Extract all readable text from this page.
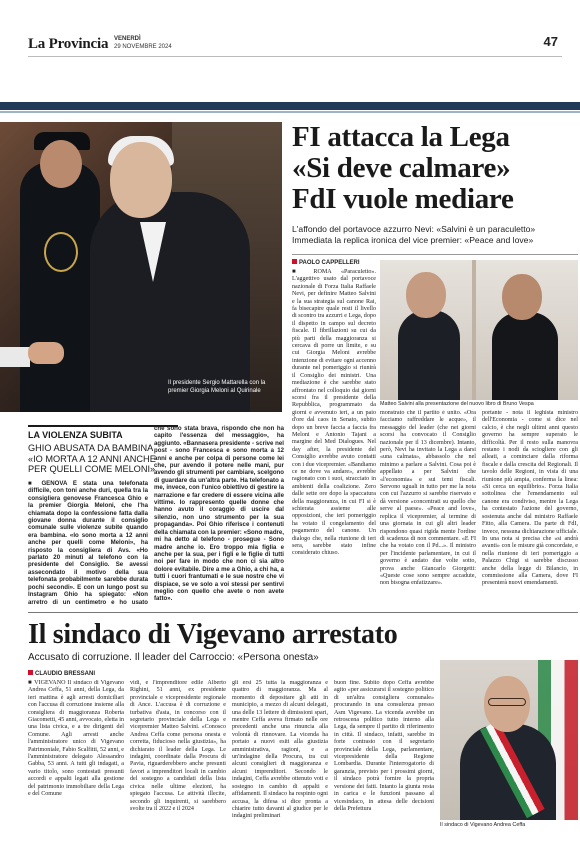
La Provincia VENERDÌ
29 NOVEMBRE 2024	47
Il presidente Sergio Mattarella con la premier Giorgia Meloni al Quirinale
FI attacca la Lega
«Si deve calmare»
FdI vuole mediare
L'affondo del portavoce azzurro Nevi: «Salvini è un paraculetto»
Immediata la replica ironica del vice premier: «Peace and love»
PAOLO CAPPELLERI
■ ROMA «Paraculetto». L'aggettivo usato dal portavoce nazionale di Forza Italia Raffaele Nevi, per definire Matteo Salvini e la sua strategia sul canone Rai, fa bisecapire quale resti il livello di scontro tra azzurri e Lega, dopo il dispetto in campo sul decreto fiscale. Il fibrillazioni su cui da più parti della maggioranza si cercava di porre un limite, e su cui Giorgia Meloni avrebbe intenzione di evitare ogni accenno durante nel pomeriggio si riunirà il Consiglio dei ministri. Una mediazione è che sarebbe stato affrontato nel colloquio dai giorni scorsi fra il presidente della Repubblica, programmato da giorni e avvenuto ieri, a un paio d'ore dal caos in Senato, subito dopo un breve faccia a faccia fra Meloni e Antonio Tajani a margine del Med Dialogues. Nel day after, la presidente del Consiglio avrebbe avuto contatti con i due vicepremier. «Bandiamo ce ne dove va andare», avrebbe ragionato con i suoi, stracciato in ambienti della coalizione. Zero dalle sette ore dopo la spaccatura della maggioranza, in cui FI si è schierata assieme alle opposizioni, che ieri pomeriggio ha votato il congelamento del pagamento del canone. Un dialogo che, nella riunione di ieri sera, sarebbe stato infine considerato chiuso.
Matteo Salvini alla presentazione del nuovo libro di Bruno Vespa
monstrato che il partito è unito. «Ora facciamo raffreddare le acque», il messaggio del leader (che nei giorni scorsi ha convocato il Consiglio nazionale per il 13 dicembre). Intanto, però, Nevi ha invitato la Lega a darsi «una calmata», abbassolo che nel minimo a parlare a Salvini. Cosa poi è appellato a per Salvini che «l'economia» e sui temi fiscali. Servono uguali in tutto per me la nota con cui l'azzurro si sarebbe riservato e dà versione «concentrati su quello che serve al paese». «Peace and love», replica il vicepremier, al termine di una giornata in cui gli altri leader rispondono quasi rigida mente l'ordine di scadenza di non commentare. «E FI che ha votato con il Pd...». Il ministro per l'incidente parlamentare, in cui il governo è andato due volte sotto, prova anche Giancarlo Giorgetti: «Queste cose sono sempre accadute, non bisogna enfatizzare».
portante - nota il leghista ministro dell'Economia - come si dice nel calcio, è che negli ultimi anni questo governo ha sempre superato le difficoltà. Per il resto sulla manovra restano i nodi da sciogliere con gli alleati, a cominciare dalla riforma fiscale e dalla crescita del Regionali. Il tavolo delle Regioni, in vista di una riunione più ampia, conferma la linea: «Si cerca un equilibrio». Forza Italia sottolinea che l'emendamento sul canone era condiviso, mentre la Lega ha contestato l'azione del governo, sostenuta anche dal ministro Raffaele Fitto, alla Camera. Da parte di FdI, invece, nessuna dichiarazione ufficiale. In una nota si precisa che «si andrà avanti» con le misure già concordate, e nella riunione di ieri pomeriggio a Palazzo Chigi si sarebbe discusso anche della legge di Bilancio, in commissione alla Camera, dove FI presenterà nuovi emendamenti.
LA VIOLENZA SUBITA
GHIO ABUSATA DA BAMBINA
«IO MORTA A 12 ANNI ANCHE
PER QUELLI COME MELONI»
■ GENOVA È stata una telefonata difficile, con toni anche duri, quella tra la consigliera genovese Francesca Ghio e la premier Giorgia Meloni, che l'ha chiamata dopo la confessione fatta dalla giovane donna durante il consiglio comunale sulle violenze subite quando era bambina. «Io sono morta a 12 anni anche per quelli come Meloni», ha risposto la consigliera di Avs. «Ho parlato 20 minuti al telefono con la presidente del Consiglio. Se avessi assecondato il motivo della sua telefonata probabilmente sarebbe durata pochi secondi». E con un lungo post su Instagram Ghio ha spiegato: «Non arretro di un centimetro e ho usato
che sono stata brava, rispondo che non ha capito l'essenza del messaggio», ha aggiunto. «Bannasera presidente - scrive nel post - sono Francesca e sono morta a 12 anni e anche per colpa di persone come lei che, pur avendo il potere nelle mani, pur avendo gli strumenti per cambiare, scelgono di guardare da un'altra parte. Ha telefonato a me, invece, con l'unico obiettivo di gestire la narrazione e far credere di essere vicina alle vittime. Io rappresento quelle donne che hanno avuto il coraggio di uscire dal silenzio, non uno strumento per la sua propaganda». Poi Ghio riferisce i contenuti della chiamata con la premier: «Sono madre, mi ha detto al telefono - prosegue - Sono madre anche io. Ero troppo mia figlia e anche per la sua, per i figli e le figlie di tutti noi per fare in modo che non ci sia altro dolore evitabile. Dire a me a Ghio, a chi ha, a tutti i cuori frantumati e le sue nostre che vi dispiace, se ve solo a voi stessi per sentirvi meglio con quello che avete o non avete fatto».
Il sindaco di Vigevano arrestato
Accusato di corruzione. Il leader del Carroccio: «Persona onesta»
CLAUDIO BRESSANI
■ VIGEVANO Il sindaco di Vigevano Andrea Ceffa, 51 anni, della Lega, da ieri mattina è agli arresti domiciliari con l'accusa di corruzione insieme alla consigliera di maggioranza Roberta Giacometti, 45 anni, avvocato, eletta in una lista civica, e a tre dirigenti del Comune. Agli arresti anche l'amministratore unico di Vigevano Patrimoniale, Fabio Scalfitti, 52 anni, e l'amministratore delegato Alessandro Gabba, 53 anni. A tutti gli indagati, a vario titolo, sono contestati presunti accordi e appalti legati alla gestione del patrimonio immobiliare della Lega e del Comune
vidi, e l'imprenditore edile Alberto Righini, 51 anni, ex presidente provinciale e vicepresidente regionale di Ance. L'accusa è di corruzione e turbativa d'asta, in concorso con il segretario provinciale della Lega e vicepremier Matteo Salvini. «Conosco Andrea Ceffa come persona onesta e corretta, fiducioso nella giustizia», ha dichiarato il leader della Lega. Le indagini, coordinate dalla Procura di Pavia, riguarderebbero anche presunti favori a imprenditori locali in cambio del sostegno a candidati della lista civica nelle ultime elezioni, ha spiegato l'accusa. Le attività illecite, secondo gli inquirenti, si sarebbero svolte tra il 2022 e il 2024
gli ersi 25 tutta la maggioranza e quattro di maggioranza. Ma al momento di depositare gli atti in municipio, a mezzo di alcuni delegati, una delle 13 lettere di dimissioni spari, mentre Ceffa aveva firmato nelle ore precedenti anche una rinuncia alla volontà di rinnovare. La vicenda ha portato a nuovi esiti alla giustizia amministrativa, ragioni, e a un'indagine della Procura, tra cui alcuni consiglieri di maggioranza e alcuni imprenditori. Secondo le indagini, Ceffa avrebbe ottenuto voti e sostegno in cambio di appalti e affidamenti. Il sindaco ha respinto ogni accusa, la difesa si dice pronta a chiarire tutto davanti al giudice per le indagini preliminari
buon fine. Subito dopo Ceffa avrebbe agito «per assicurarsi il sostegno politico di un'altra consigliera comunale» procurando in una consulenza presso Asm Vigevano. La vicenda avrebbe un retroscena politico tutto interno alla Lega, da sempre il partito di riferimento in città. Il sindaco, infatti, sarebbe in forte contrasto con il segretario provinciale della Lega, parlamentare, vicepresidente della Regione Lombardia. Durante l'interrogatorio di garanzia, previsto per i prossimi giorni, il sindaco potrà fornire la propria versione dei fatti. Intanto la giunta resta in carica e le funzioni passano al vicesindaco, in attesa delle decisioni della Prefettura
Il sindaco di Vigevano Andrea Ceffa
